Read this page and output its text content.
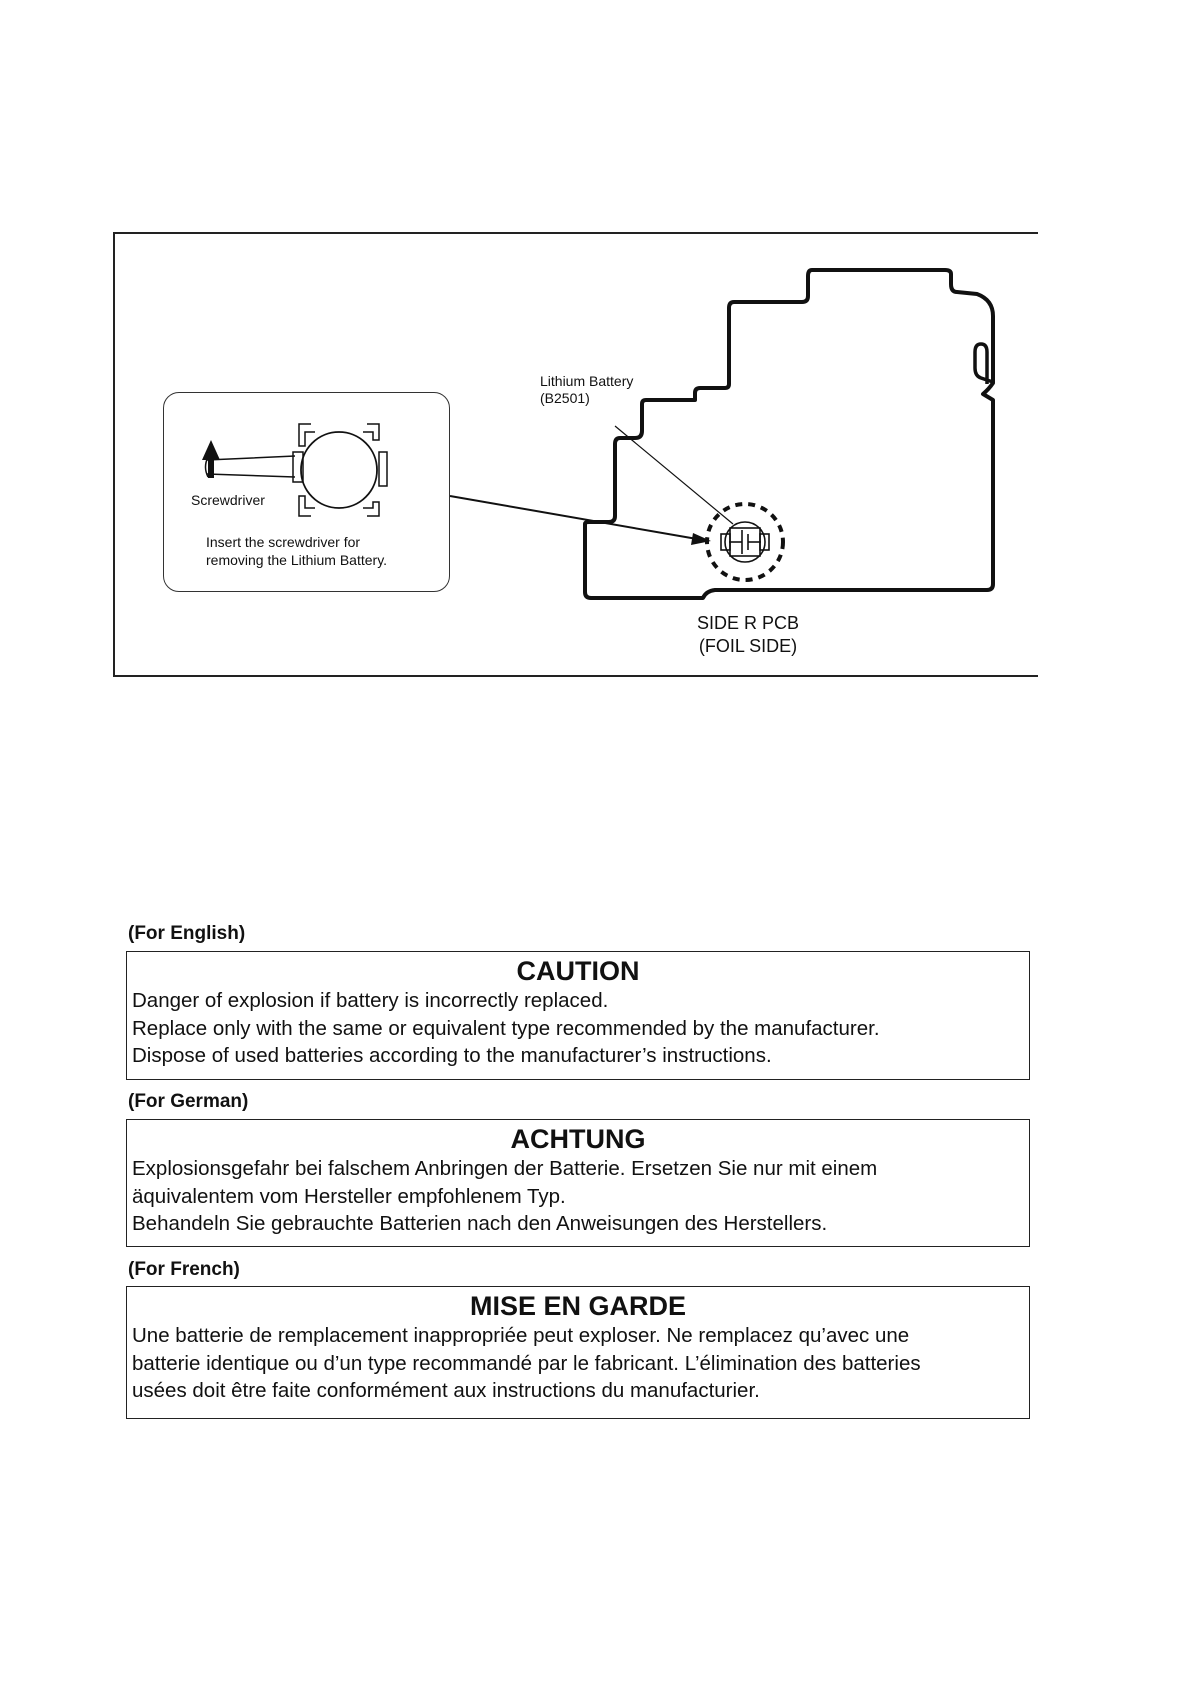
Screwdriver
Insert the screwdriver for
removing the Lithium Battery.
Lithium Battery
(B2501)
SIDE R PCB
(FOIL SIDE)
(For English)
CAUTION
Danger of explosion if battery is incorrectly replaced.
Replace only with the same or equivalent type recommended by the manufacturer.
Dispose of used batteries according to the manufacturer’s instructions.
(For German)
ACHTUNG
Explosionsgefahr bei falschem Anbringen der Batterie. Ersetzen Sie nur mit einem
äquivalentem vom Hersteller empfohlenem Typ.
Behandeln Sie gebrauchte Batterien nach den Anweisungen des Herstellers.
(For French)
MISE EN GARDE
Une batterie de remplacement inappropriée peut exploser. Ne remplacez qu’avec une
batterie identique ou d’un type recommandé par le fabricant. L’élimination des batteries
usées doit être faite conformément aux instructions du manufacturier.
